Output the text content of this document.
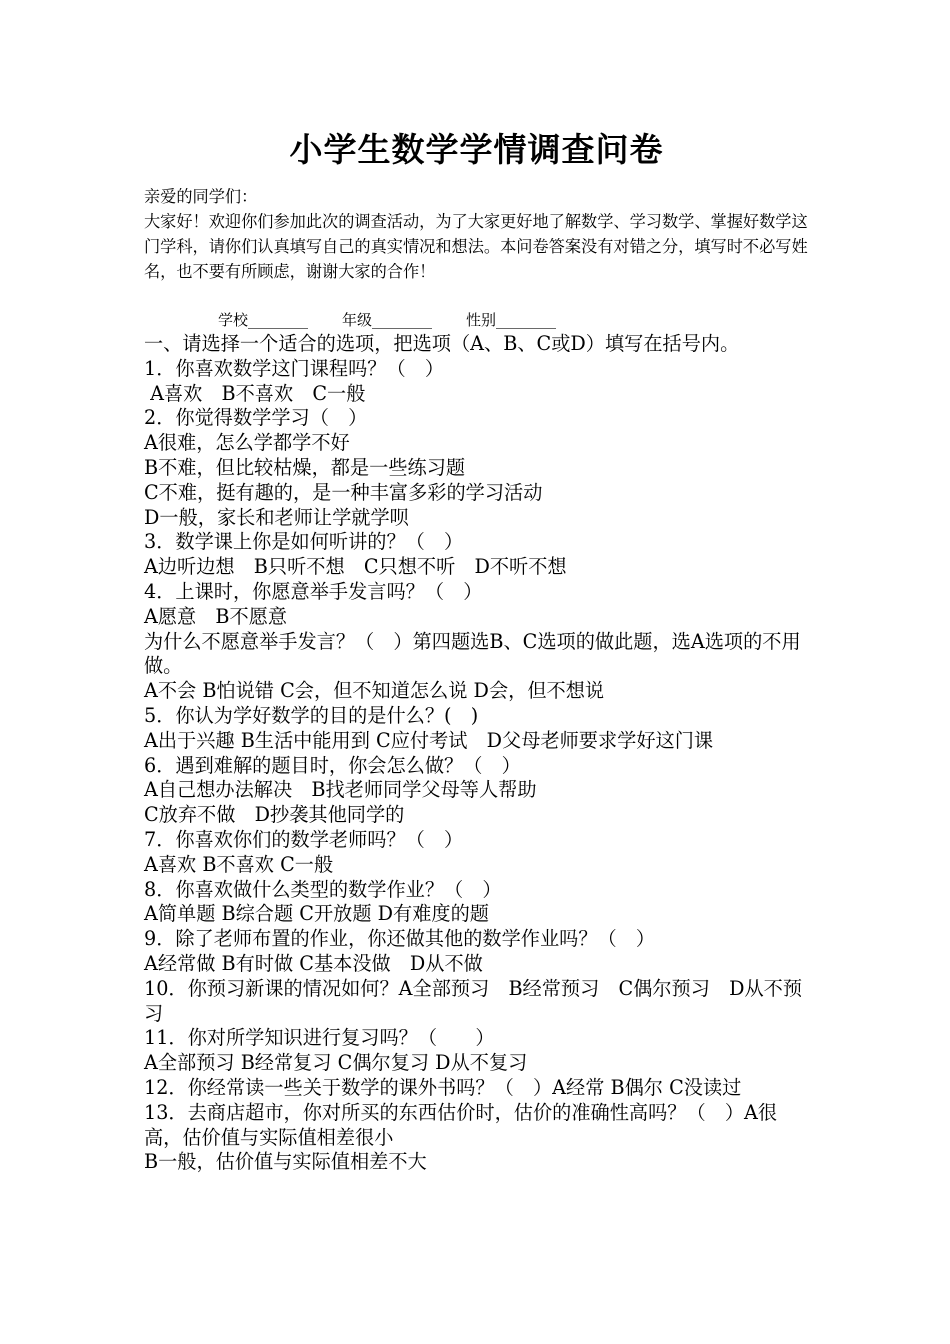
小学生数学学情调查问卷

亲爱的同学们：

大家好！欢迎你们参加此次的调查活动，为了大家更好地了解数学、学习数学、掌握好数学这门学科，请你们认真填写自己的真实情况和想法。本问卷答案没有对错之分，填写时不必写姓名，也不要有所顾虑，谢谢大家的合作！

学校________ 年级________ 性别________
一、请选择一个适合的选项，把选项（A、B、C或D）填写在括号内。
1．你喜欢数学这门课程吗？（　）
A喜欢　B不喜欢　C一般
2．你觉得数学学习（　）
A很难，怎么学都学不好
B不难，但比较枯燥，都是一些练习题
C不难，挺有趣的，是一种丰富多彩的学习活动
D一般，家长和老师让学就学呗
3．数学课上你是如何听讲的？（　）
A边听边想　B只听不想　C只想不听　D不听不想
4．上课时，你愿意举手发言吗？（　）
A愿意　B不愿意
为什么不愿意举手发言？（　）第四题选B、C选项的做此题，选A选项的不用做。
A不会 B怕说错 C会，但不知道怎么说 D会，但不想说
5．你认为学好数学的目的是什么？(　)
A出于兴趣 B生活中能用到 C应付考试　D父母老师要求学好这门课
6．遇到难解的题目时，你会怎么做？（　）
A自己想办法解决　B找老师同学父母等人帮助
C放弃不做　D抄袭其他同学的
7．你喜欢你们的数学老师吗？（　）
A喜欢 B不喜欢 C一般
8．你喜欢做什么类型的数学作业？（　）
A简单题 B综合题 C开放题 D有难度的题
9．除了老师布置的作业，你还做其他的数学作业吗？（　）
A经常做 B有时做 C基本没做　D从不做
10．你预习新课的情况如何？A全部预习　B经常预习　C偶尔预习　D从不预习
11．你对所学知识进行复习吗？（　　）
A全部预习 B经常复习 C偶尔复习 D从不复习
12．你经常读一些关于数学的课外书吗？（　）A经常 B偶尔 C没读过
13．去商店超市，你对所买的东西估价时，估价的准确性高吗？（　）A很高，估价值与实际值相差很小
B一般，估价值与实际值相差不大
